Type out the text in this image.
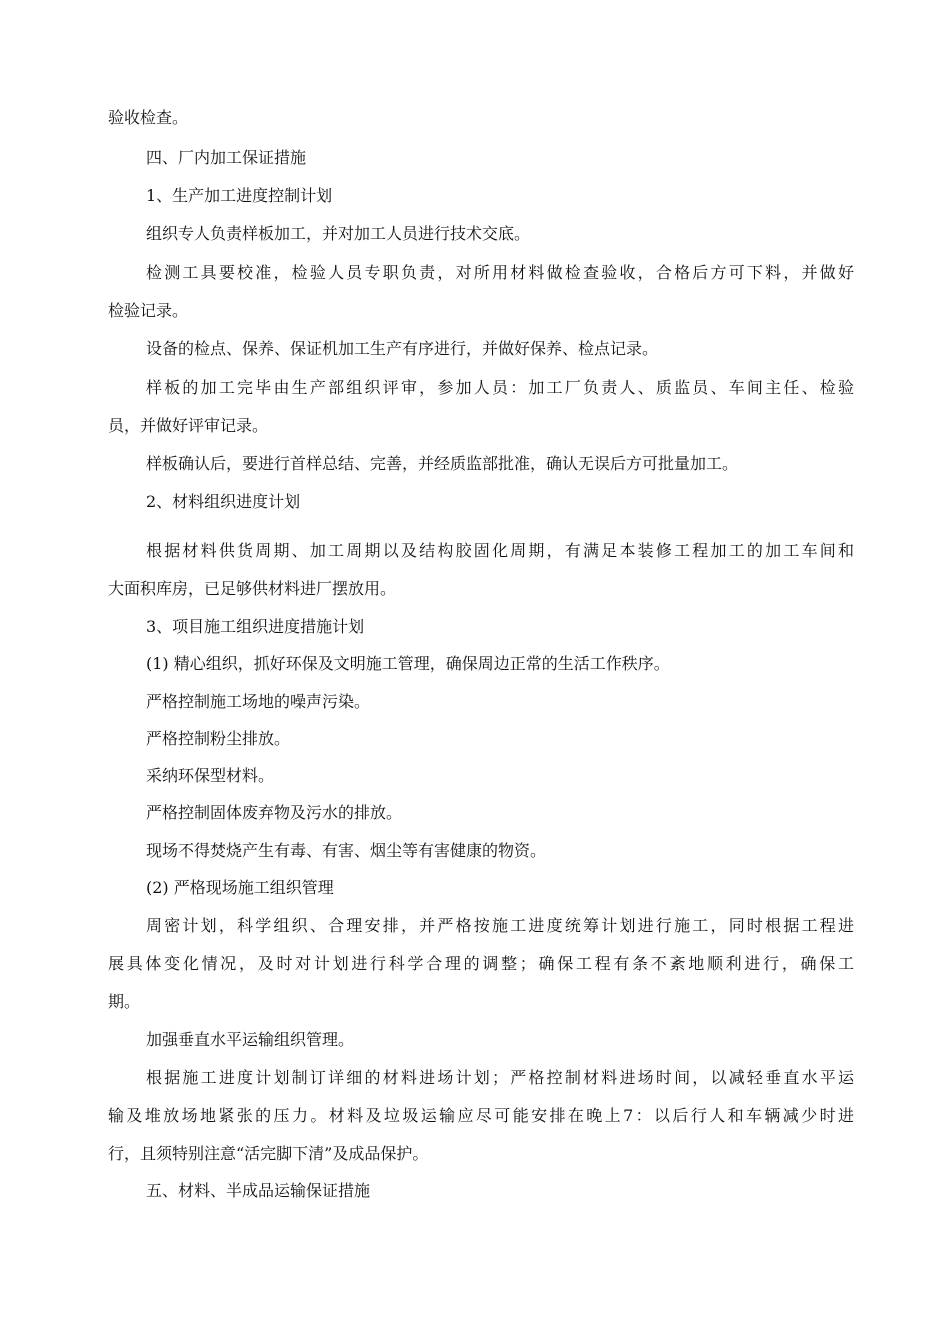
验收检查。

四、厂内加工保证措施

1、生产加工进度控制计划

组织专人负责样板加工，并对加工人员进行技术交底。

检测工具要校准，检验人员专职负责，对所用材料做检查验收，合格后方可下料，并做好

检验记录。

设备的检点、保养、保证机加工生产有序进行，并做好保养、检点记录。

样板的加工完毕由生产部组织评审，参加人员：加工厂负责人、质监员、车间主任、检验

员，并做好评审记录。

样板确认后，要进行首样总结、完善，并经质监部批准，确认无误后方可批量加工。

2、材料组织进度计划

根据材料供货周期、加工周期以及结构胶固化周期，有满足本装修工程加工的加工车间和

大面积库房，已足够供材料进厂摆放用。

3、项目施工组织进度措施计划

(1) 精心组织，抓好环保及文明施工管理，确保周边正常的生活工作秩序。

严格控制施工场地的噪声污染。

严格控制粉尘排放。

采纳环保型材料。

严格控制固体废弃物及污水的排放。

现场不得焚烧产生有毒、有害、烟尘等有害健康的物资。

(2) 严格现场施工组织管理

周密计划，科学组织、合理安排，并严格按施工进度统筹计划进行施工，同时根据工程进

展具体变化情况，及时对计划进行科学合理的调整；确保工程有条不紊地顺利进行，确保工

期。

加强垂直水平运输组织管理。

根据施工进度计划制订详细的材料进场计划；严格控制材料进场时间，以减轻垂直水平运

输及堆放场地紧张的压力。材料及垃圾运输应尽可能安排在晚上7：以后行人和车辆减少时进

行，且须特别注意“活完脚下清”及成品保护。

五、材料、半成品运输保证措施
